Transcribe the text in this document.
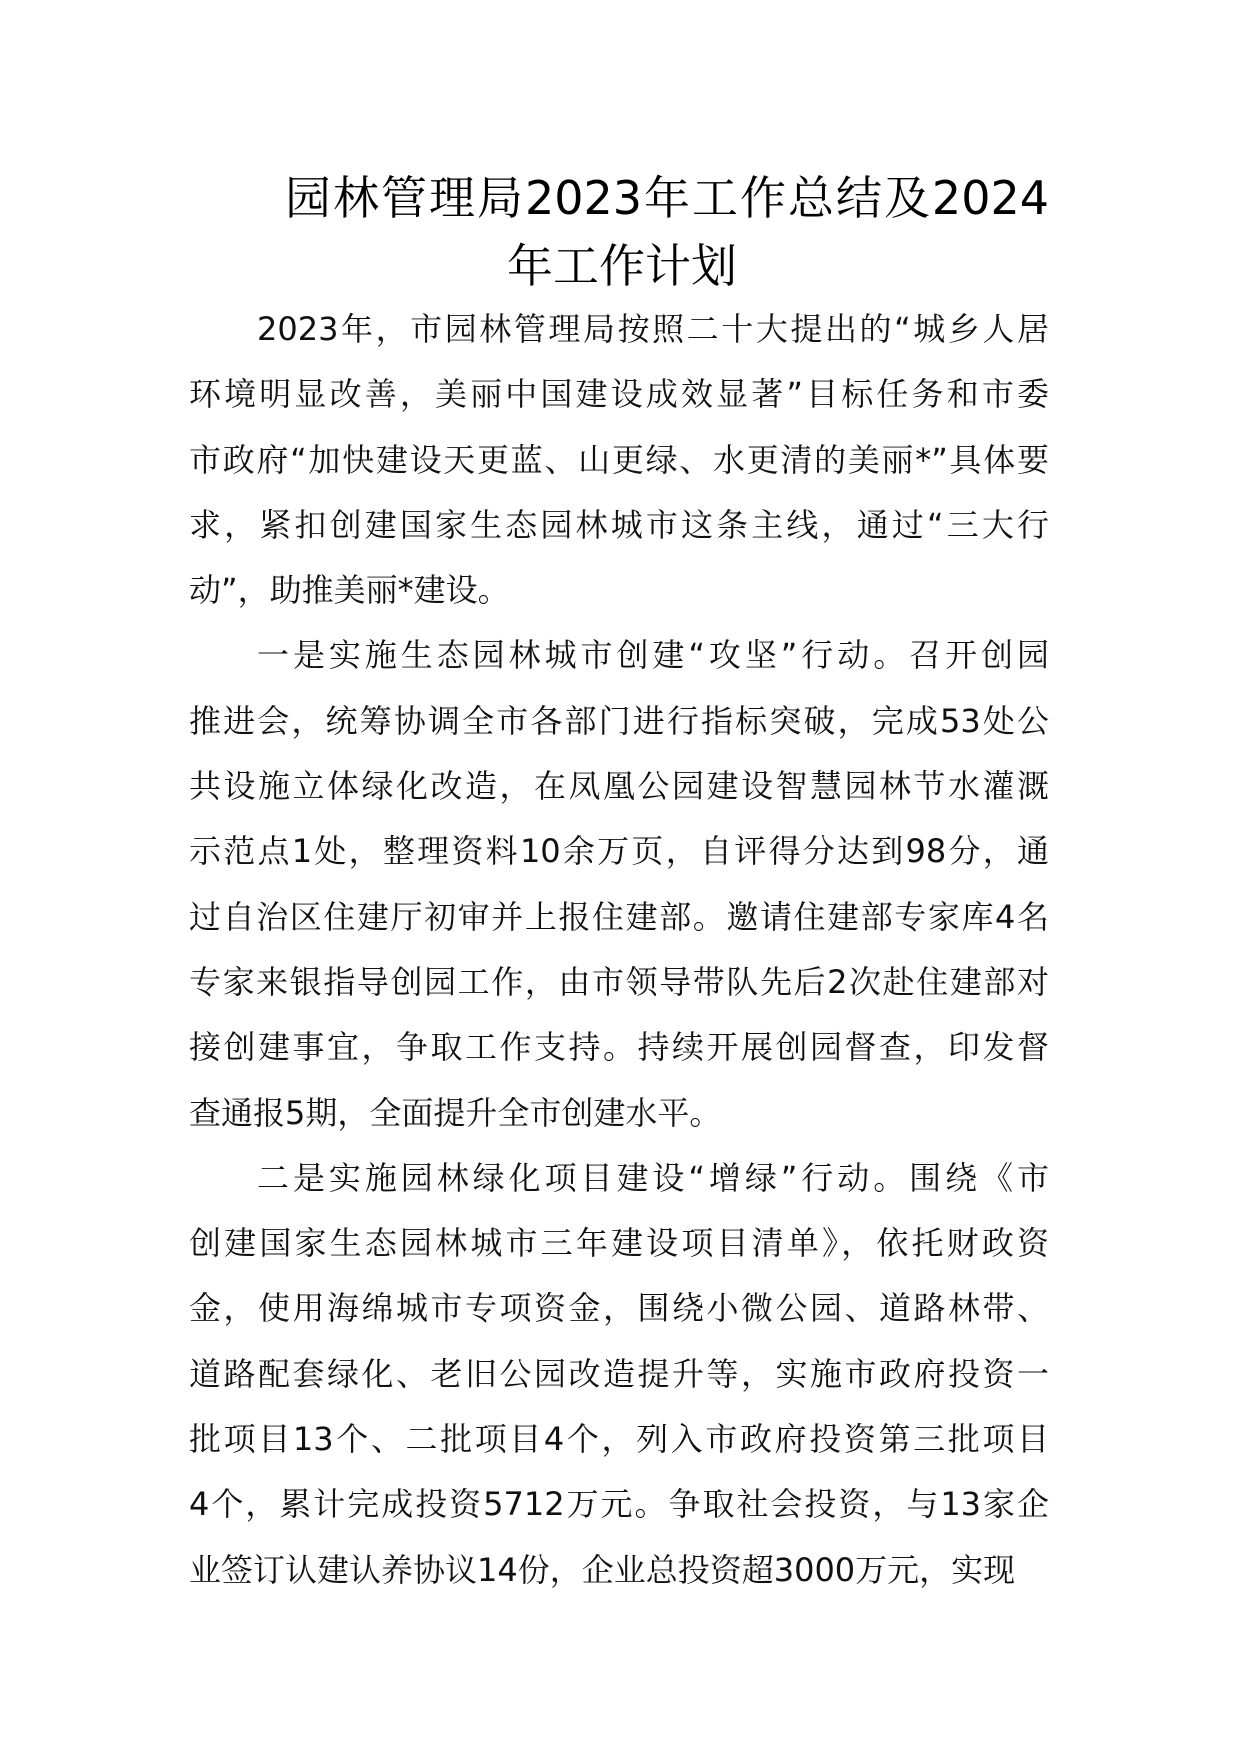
园林管理局2023年工作总结及2024
年工作计划
2023年，市园林管理局按照二十大提出的“城乡人居
环境明显改善，美丽中国建设成效显著”目标任务和市委
市政府“加快建设天更蓝、山更绿、水更清的美丽*”具体要
求，紧扣创建国家生态园林城市这条主线，通过“三大行
动”，助推美丽*建设。
一是实施生态园林城市创建“攻坚”行动。召开创园
推进会，统筹协调全市各部门进行指标突破，完成53处公
共设施立体绿化改造，在凤凰公园建设智慧园林节水灌溉
示范点1处，整理资料10余万页，自评得分达到98分，通
过自治区住建厅初审并上报住建部。邀请住建部专家库4名
专家来银指导创园工作，由市领导带队先后2次赴住建部对
接创建事宜，争取工作支持。持续开展创园督查，印发督
查通报5期，全面提升全市创建水平。
二是实施园林绿化项目建设“增绿”行动。围绕《市
创建国家生态园林城市三年建设项目清单》，依托财政资
金，使用海绵城市专项资金，围绕小微公园、道路林带、
道路配套绿化、老旧公园改造提升等，实施市政府投资一
批项目13个、二批项目4个，列入市政府投资第三批项目
4个，累计完成投资5712万元。争取社会投资，与13家企
业签订认建认养协议14份，企业总投资超3000万元，实现
